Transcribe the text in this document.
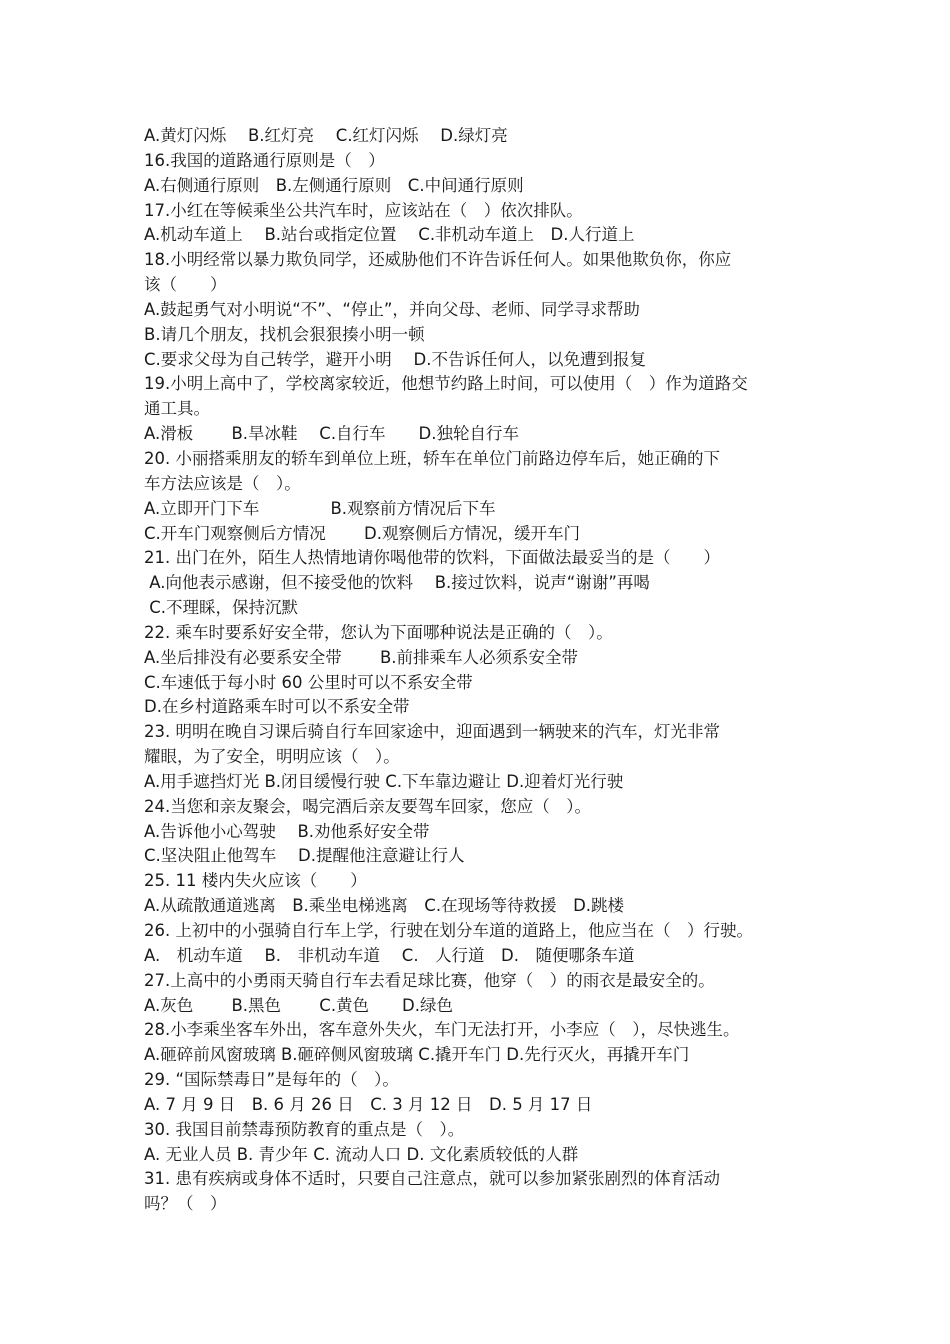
A.黄灯闪烁　 B.红灯亮　 C.红灯闪烁　 D.绿灯亮
16.我国的道路通行原则是（　）
A.右侧通行原则　B.左侧通行原则　C.中间通行原则
17.小红在等候乘坐公共汽车时，应该站在（　）依次排队。
A.机动车道上　 B.站台或指定位置　 C.非机动车道上　D.人行道上
18.小明经常以暴力欺负同学，还威胁他们不许告诉任何人。如果他欺负你，你应
该（　　）
A.鼓起勇气对小明说“不”、“停止”，并向父母、老师、同学寻求帮助
B.请几个朋友，找机会狠狠揍小明一顿
C.要求父母为自己转学，避开小明　 D.不告诉任何人，以免遭到报复
19.小明上高中了，学校离家较近，他想节约路上时间，可以使用（　）作为道路交
通工具。
A.滑板　　 B.旱冰鞋　 C.自行车　　D.独轮自行车
20. 小丽搭乘朋友的轿车到单位上班，轿车在单位门前路边停车后，她正确的下
车方法应该是（　）。
A.立即开门下车　　　　 B.观察前方情况后下车
C.开车门观察侧后方情况　　 D.观察侧后方情况，缓开车门
21. 出门在外，陌生人热情地请你喝他带的饮料，下面做法最妥当的是（　　）
A.向他表示感谢，但不接受他的饮料　 B.接过饮料，说声“谢谢”再喝
C.不理睬，保持沉默
22. 乘车时要系好安全带，您认为下面哪种说法是正确的（　）。
A.坐后排没有必要系安全带　　 B.前排乘车人必须系安全带
C.车速低于每小时 60 公里时可以不系安全带
D.在乡村道路乘车时可以不系安全带
23. 明明在晚自习课后骑自行车回家途中，迎面遇到一辆驶来的汽车，灯光非常
耀眼，为了安全，明明应该（　）。
A.用手遮挡灯光 B.闭目缓慢行驶 C.下车靠边避让 D.迎着灯光行驶
24.当您和亲友聚会，喝完酒后亲友要驾车回家，您应（　）。
A.告诉他小心驾驶　 B.劝他系好安全带
C.坚决阻止他驾车　 D.提醒他注意避让行人
25. 11 楼内失火应该（　　）
A.从疏散通道逃离　B.乘坐电梯逃离　C.在现场等待救援　D.跳楼
26. 上初中的小强骑自行车上学，行驶在划分车道的道路上，他应当在（　）行驶。
A.　机动车道　 B.　非机动车道　 C.　人行道　D.　随便哪条车道
27.上高中的小勇雨天骑自行车去看足球比赛，他穿（　）的雨衣是最安全的。
A.灰色　　 B.黑色　　 C.黄色　　D.绿色
28.小李乘坐客车外出，客车意外失火，车门无法打开，小李应（　），尽快逃生。
A.砸碎前风窗玻璃 B.砸碎侧风窗玻璃 C.撬开车门 D.先行灭火，再撬开车门
29. “国际禁毒日”是每年的（　）。
A. 7 月 9 日　B. 6 月 26 日　C. 3 月 12 日　D. 5 月 17 日
30. 我国目前禁毒预防教育的重点是（　）。
A. 无业人员 B. 青少年 C. 流动人口 D. 文化素质较低的人群
31. 患有疾病或身体不适时，只要自己注意点，就可以参加紧张剧烈的体育活动
吗？（　）
